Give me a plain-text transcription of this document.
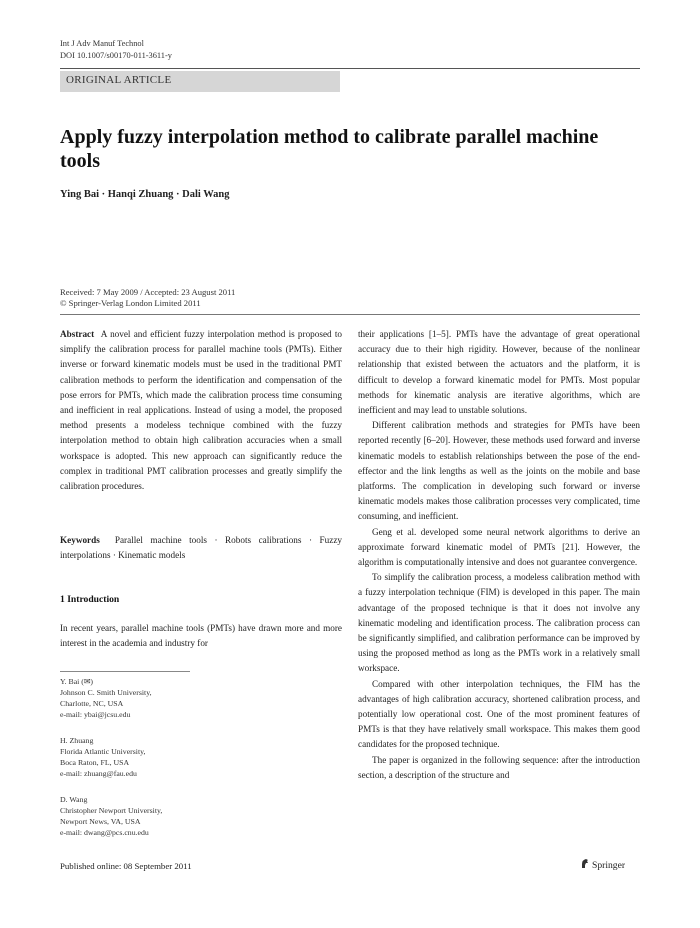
Int J Adv Manuf Technol
DOI 10.1007/s00170-011-3611-y
ORIGINAL ARTICLE
Apply fuzzy interpolation method to calibrate parallel machine tools
Ying Bai · Hanqi Zhuang · Dali Wang
Received: 7 May 2009 / Accepted: 23 August 2011
© Springer-Verlag London Limited 2011

Abstract A novel and efficient fuzzy interpolation method is proposed to simplify the calibration process for parallel machine tools (PMTs). Either inverse or forward kinematic models must be used in the traditional PMT calibration methods to perform the identification and compensation of the pose errors for PMTs, which made the calibration process time consuming and inefficient in real applications. Instead of using a model, the proposed method presents a modeless technique combined with the fuzzy interpolation method to obtain high calibration accuracies when a small workspace is adopted. This new approach can significantly reduce the complex in traditional PMT calibration processes and greatly simplify the calibration procedures.

Keywords Parallel machine tools · Robots calibrations · Fuzzy interpolations · Kinematic models

1 Introduction

In recent years, parallel machine tools (PMTs) have drawn more and more interest in the academia and industry for

Y. Bai (✉)
Johnson C. Smith University,
Charlotte, NC, USA
e-mail: ybai@jcsu.edu
H. Zhuang
Florida Atlantic University,
Boca Raton, FL, USA
e-mail: zhuang@fau.edu
D. Wang
Christopher Newport University,
Newport News, VA, USA
e-mail: dwang@pcs.cnu.edu

their applications [1–5]. PMTs have the advantage of great operational accuracy due to their high rigidity. However, because of the nonlinear relationship that existed between the actuators and the platform, it is difficult to develop a forward kinematic model for PMTs. Most popular methods for kinematic analysis are iterative algorithms, which are inefficient and may lead to unstable solutions.

Different calibration methods and strategies for PMTs have been reported recently [6–20]. However, these methods used forward and inverse kinematic models to establish relationships between the pose of the end-effector and the link lengths as well as the joints on the mobile and base platforms. The complication in developing such forward or inverse kinematic models makes those calibration processes very complicated, time consuming, and inefficient.

Geng et al. developed some neural network algorithms to derive an approximate forward kinematic model of PMTs [21]. However, the algorithm is computationally intensive and does not guarantee convergence.

To simplify the calibration process, a modeless calibration method with a fuzzy interpolation technique (FIM) is developed in this paper. The main advantage of the proposed technique is that it does not involve any kinematic modeling and identification process. The calibration process can be significantly simplified, and calibration performance can be improved by using the proposed method as long as the PMTs work in a relatively small workspace.

Compared with other interpolation techniques, the FIM has the advantages of high calibration accuracy, shortened calibration process, and potentially low operational cost. One of the most prominent features of PMTs is that they have relatively small workspace. This makes them good candidates for the proposed technique.

The paper is organized in the following sequence: after the introduction section, a description of the structure and

Published online: 08 September 2011	Springer
